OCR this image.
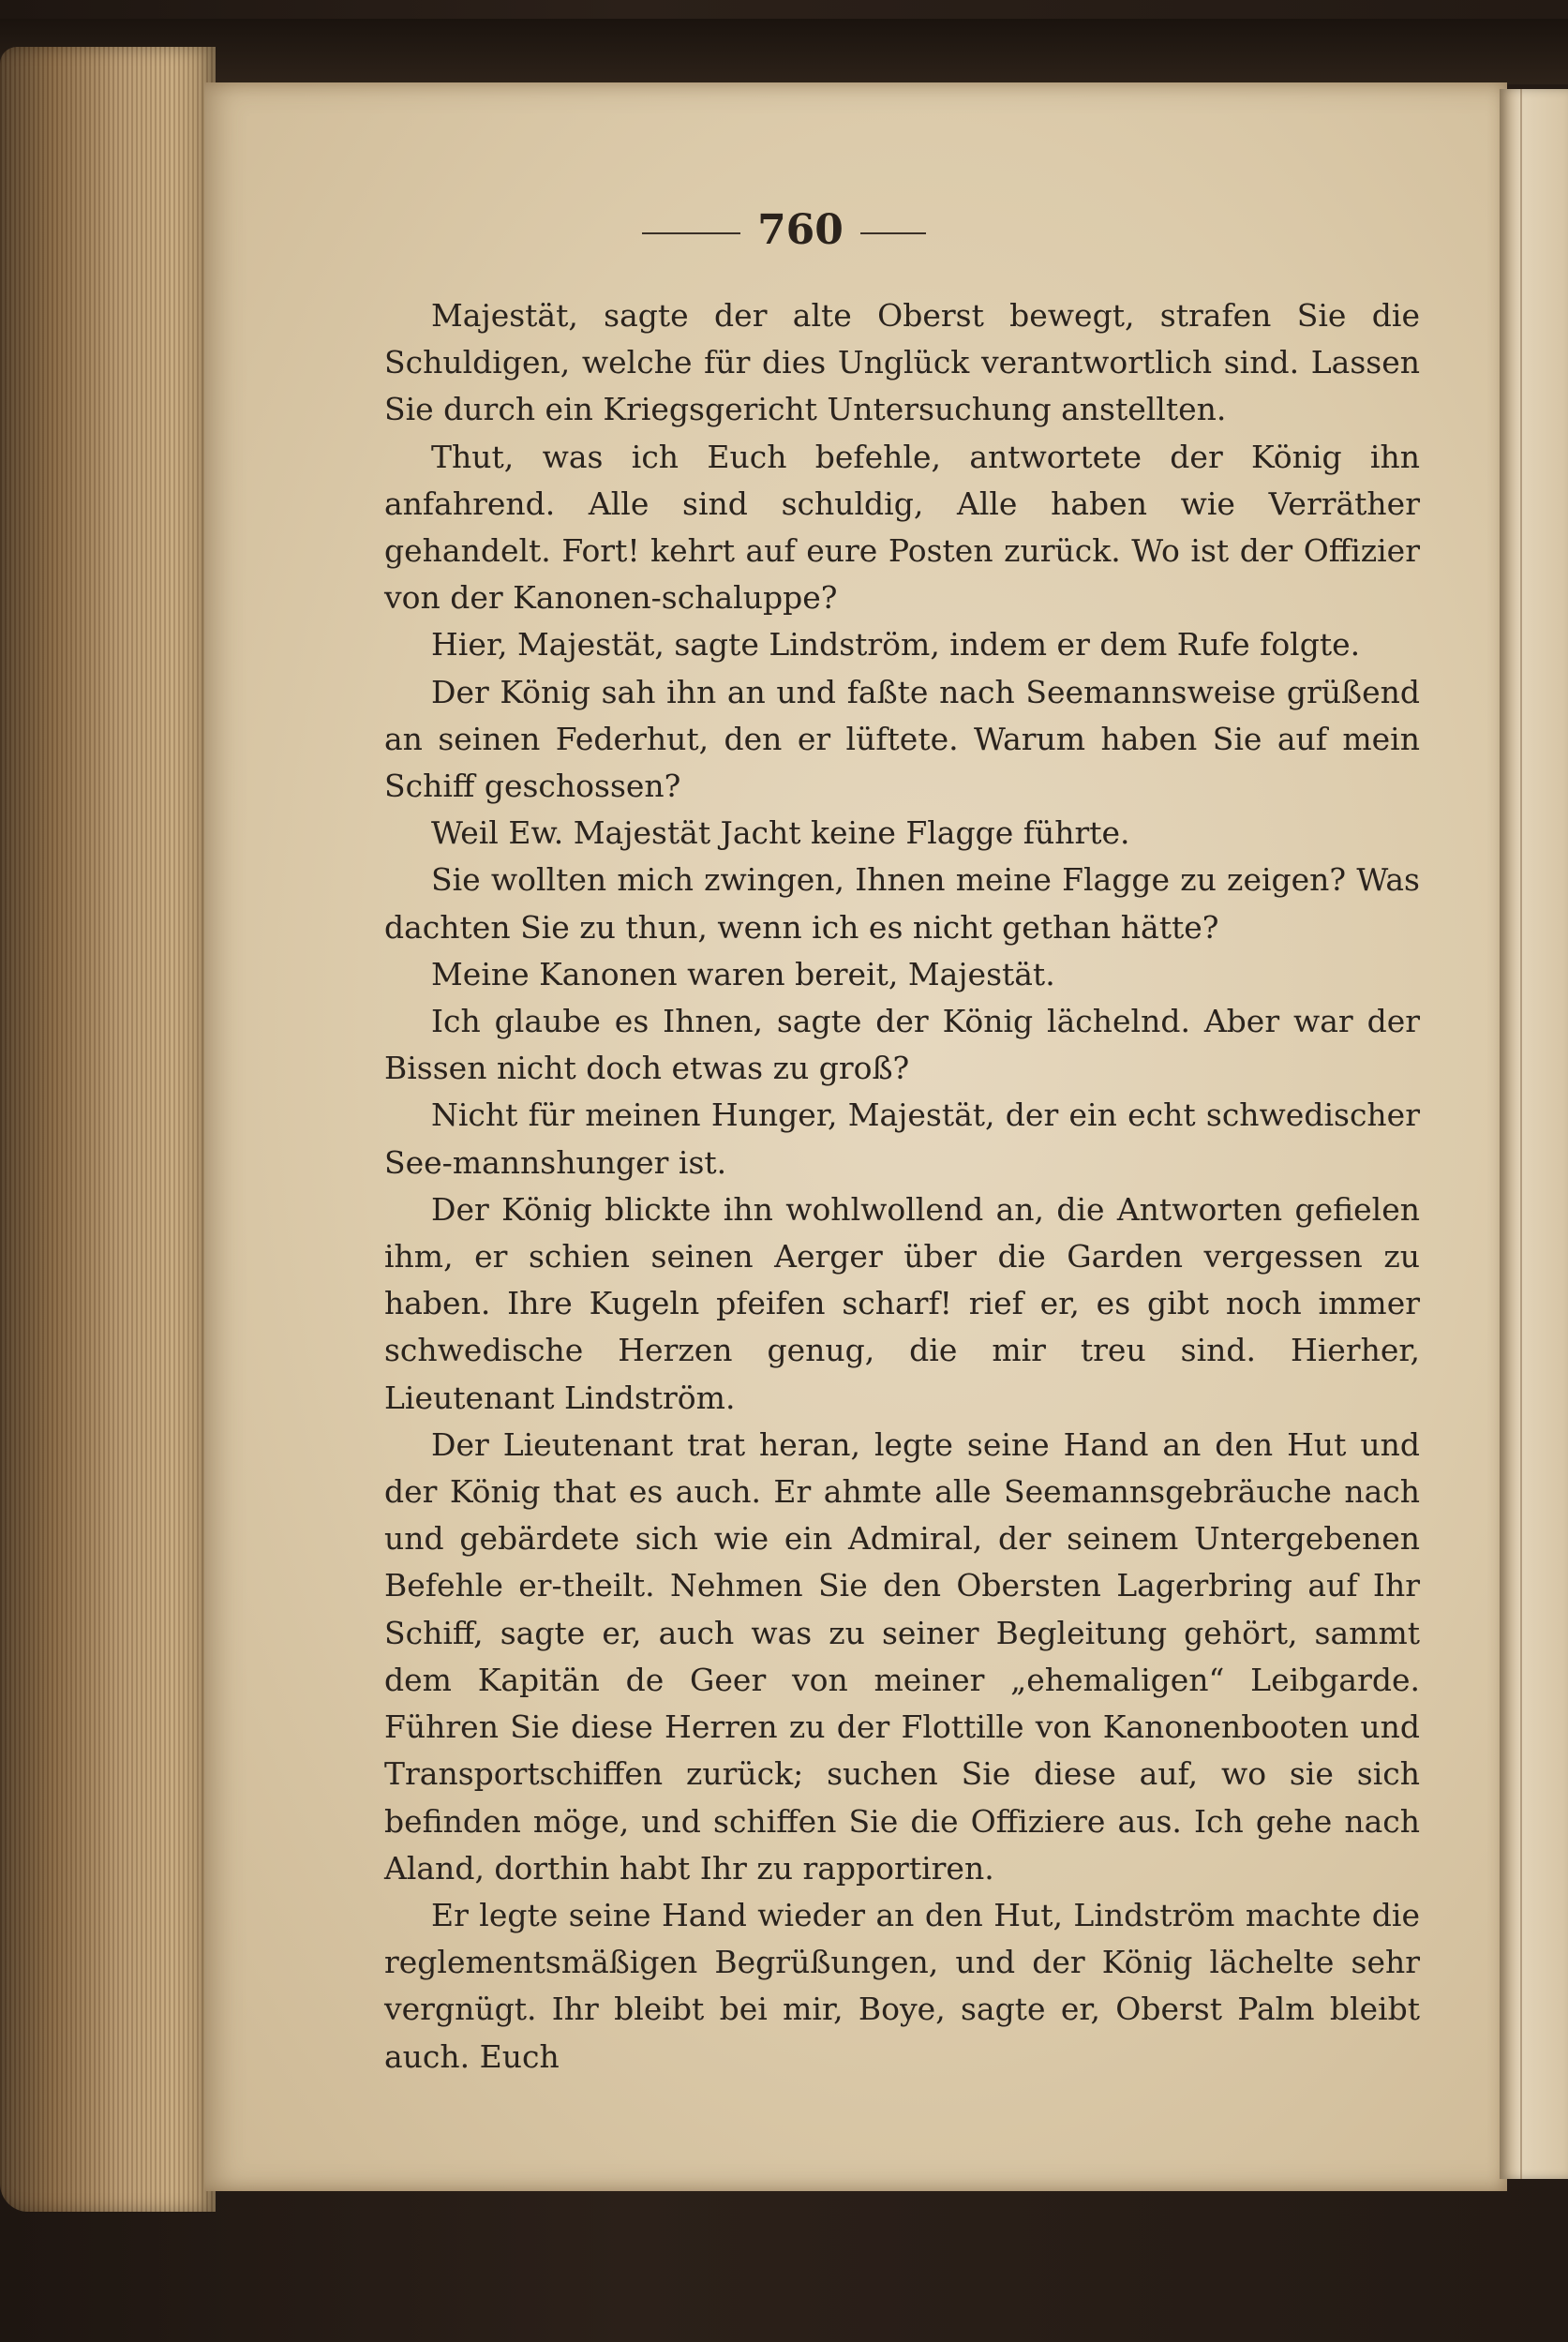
760

Majestät, sagte der alte Oberst bewegt, strafen Sie die Schuldigen, welche für dies Unglück verantwortlich sind. Lassen Sie durch ein Kriegsgericht Untersuchung anstellten.

Thut, was ich Euch befehle, antwortete der König ihn anfahrend. Alle sind schuldig, Alle haben wie Verräther gehandelt. Fort! kehrt auf eure Posten zurück. Wo ist der Offizier von der Kanonen-schaluppe?

Hier, Majestät, sagte Lindström, indem er dem Rufe folgte.

Der König sah ihn an und faßte nach Seemannsweise grüßend an seinen Federhut, den er lüftete. Warum haben Sie auf mein Schiff geschossen?

Weil Ew. Majestät Jacht keine Flagge führte.

Sie wollten mich zwingen, Ihnen meine Flagge zu zeigen? Was dachten Sie zu thun, wenn ich es nicht gethan hätte?

Meine Kanonen waren bereit, Majestät.

Ich glaube es Ihnen, sagte der König lächelnd. Aber war der Bissen nicht doch etwas zu groß?

Nicht für meinen Hunger, Majestät, der ein echt schwedischer See-mannshunger ist.

Der König blickte ihn wohlwollend an, die Antworten gefielen ihm, er schien seinen Aerger über die Garden vergessen zu haben. Ihre Kugeln pfeifen scharf! rief er, es gibt noch immer schwedische Herzen genug, die mir treu sind. Hierher, Lieutenant Lindström.

Der Lieutenant trat heran, legte seine Hand an den Hut und der König that es auch. Er ahmte alle Seemannsgebräuche nach und gebärdete sich wie ein Admiral, der seinem Untergebenen Befehle er-theilt. Nehmen Sie den Obersten Lagerbring auf Ihr Schiff, sagte er, auch was zu seiner Begleitung gehört, sammt dem Kapitän de Geer von meiner „ehemaligen“ Leibgarde. Führen Sie diese Herren zu der Flottille von Kanonenbooten und Transportschiffen zurück; suchen Sie diese auf, wo sie sich befinden möge, und schiffen Sie die Offiziere aus. Ich gehe nach Aland, dorthin habt Ihr zu rapportiren.

Er legte seine Hand wieder an den Hut, Lindström machte die reglementsmäßigen Begrüßungen, und der König lächelte sehr vergnügt. Ihr bleibt bei mir, Boye, sagte er, Oberst Palm bleibt auch. Euch
